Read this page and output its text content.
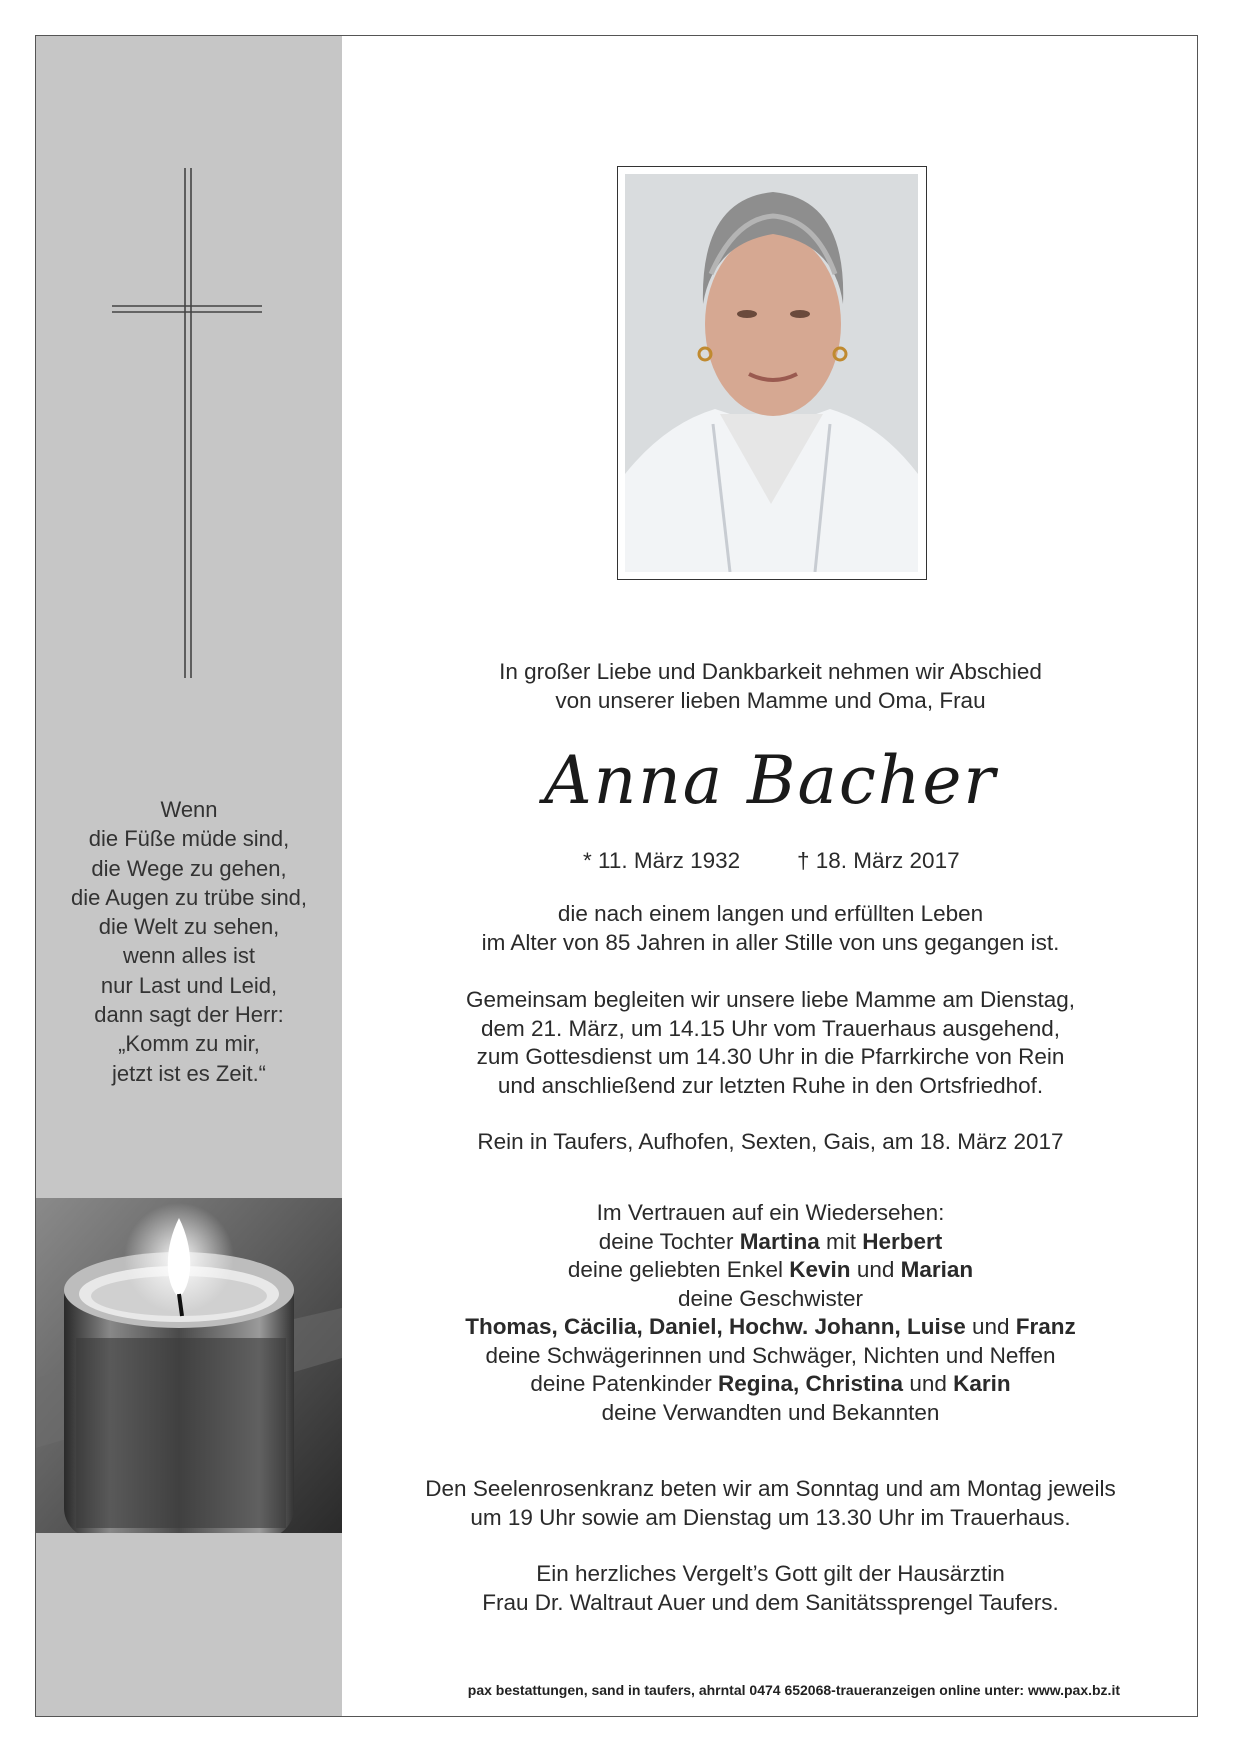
Wenn
die Füße müde sind,
die Wege zu gehen,
die Augen zu trübe sind,
die Welt zu sehen,
wenn alles ist
nur Last und Leid,
dann sagt der Herr:
„Komm zu mir,
jetzt ist es Zeit.“
In großer Liebe und Dankbarkeit nehmen wir Abschied
von unserer lieben Mamme und Oma, Frau
Anna Bacher
* 11. März 1932	† 18. März 2017
die nach einem langen und erfüllten Leben
im Alter von 85 Jahren in aller Stille von uns gegangen ist.
Gemeinsam begleiten wir unsere liebe Mamme am Dienstag,
dem 21. März, um 14.15 Uhr vom Trauerhaus ausgehend,
zum Gottesdienst um 14.30 Uhr in die Pfarrkirche von Rein
und anschließend zur letzten Ruhe in den Ortsfriedhof.
Rein in Taufers, Aufhofen, Sexten, Gais, am 18. März 2017
Im Vertrauen auf ein Wiedersehen:
deine Tochter Martina mit Herbert
deine geliebten Enkel Kevin und Marian
deine Geschwister
Thomas, Cäcilia, Daniel, Hochw. Johann, Luise und Franz
deine Schwägerinnen und Schwäger, Nichten und Neffen
deine Patenkinder Regina, Christina und Karin
deine Verwandten und Bekannten
Den Seelenrosenkranz beten wir am Sonntag und am Montag jeweils
um 19 Uhr sowie am Dienstag um 13.30 Uhr im Trauerhaus.
Ein herzliches Vergelt’s Gott gilt der Hausärztin
Frau Dr. Waltraut Auer und dem Sanitätssprengel Taufers.
pax bestattungen, sand in taufers, ahrntal 0474 652068-traueranzeigen online unter: www.pax.bz.it
